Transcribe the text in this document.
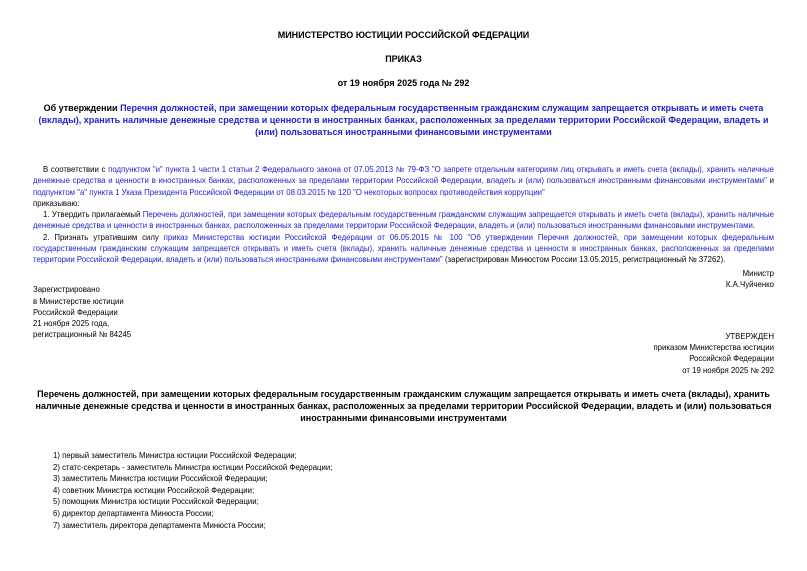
МИНИСТЕРСТВО ЮСТИЦИИ РОССИЙСКОЙ ФЕДЕРАЦИИ
ПРИКАЗ
от 19 ноября 2025 года № 292
Об утверждении Перечня должностей, при замещении которых федеральным государственным гражданским служащим запрещается открывать и иметь счета (вклады), хранить наличные денежные средства и ценности в иностранных банках, расположенных за пределами территории Российской Федерации, владеть и (или) пользоваться иностранными финансовыми инструментами

В соответствии с подпунктом "и" пункта 1 части 1 статьи 2 Федерального закона от 07.05.2013 № 79-ФЗ "О запрете отдельным категориям лиц открывать и иметь счета (вклады), хранить наличные денежные средства и ценности в иностранных банках, расположенных за пределами территории Российской Федерации, владеть и (или) пользоваться иностранными финансовыми инструментами" и подпунктом "а" пункта 1 Указа Президента Российской Федерации от 08.03.2015 № 120 "О некоторых вопросах противодействия коррупции"

приказываю:

1. Утвердить прилагаемый Перечень должностей, при замещении которых федеральным государственным гражданским служащим запрещается открывать и иметь счета (вклады), хранить наличные денежные средства и ценности в иностранных банках, расположенных за пределами территории Российской Федерации, владеть и (или) пользоваться иностранными финансовыми инструментами.

2. Признать утратившим силу приказ Министерства юстиции Российской Федерации от 06.05.2015 № 100 "Об утверждении Перечня должностей, при замещении которых федеральным государственным гражданским служащим запрещается открывать и иметь счета (вклады), хранить наличные денежные средства и ценности в иностранных банках, расположенных за пределами территории Российской Федерации, владеть и (или) пользоваться иностранными финансовыми инструментами" (зарегистрирован Минюстом России 13.05.2015, регистрационный № 37262).

Министр
К.А.Чуйченко
Зарегистрировано
в Министерстве юстиции
Российской Федерации
21 ноября 2025 года,
регистрационный № 84245	УТВЕРЖДЕН
приказом Министерства юстиции
Российской Федерации
от 19 ноября 2025 № 292
Перечень должностей, при замещении которых федеральным государственным гражданским служащим запрещается открывать и иметь счета (вклады), хранить наличные денежные средства и ценности в иностранных банках, расположенных за пределами территории Российской Федерации, владеть и (или) пользоваться иностранными финансовыми инструментами
1) первый заместитель Министра юстиции Российской Федерации;
2) статс-секретарь - заместитель Министра юстиции Российской Федерации;
3) заместитель Министра юстиции Российской Федерации;
4) советник Министра юстиции Российской Федерации;
5) помощник Министра юстиции Российской Федерации;
6) директор департамента Минюста России;
7) заместитель директора департамента Минюста России;
